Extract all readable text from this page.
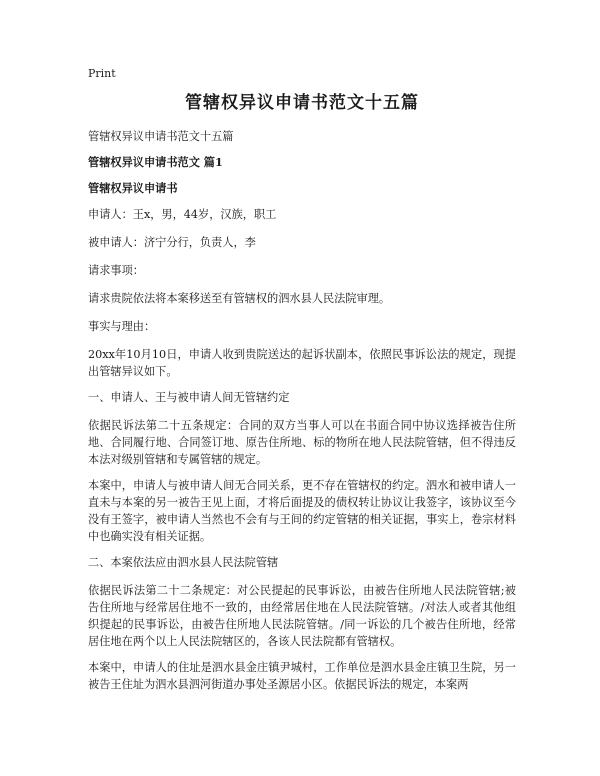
Print
管辖权异议申请书范文十五篇
管辖权异议申请书范文十五篇
管辖权异议申请书范文 篇1
管辖权异议申请书
申请人：王x，男，44岁，汉族，职工
被申请人：济宁分行，负责人，李
请求事项：
请求贵院依法将本案移送至有管辖权的泗水县人民法院审理。
事实与理由：
20xx年10月10日，申请人收到贵院送达的起诉状副本，依照民事诉讼法的规定，现提出管辖异议如下。
一、申请人、王与被申请人间无管辖约定
依据民诉法第二十五条规定：合同的双方当事人可以在书面合同中协议选择被告住所地、合同履行地、合同签订地、原告住所地、标的物所在地人民法院管辖，但不得违反本法对级别管辖和专属管辖的规定。
本案中，申请人与被申请人间无合同关系，更不存在管辖权的约定。泗水和被申请人一直未与本案的另一被告王见上面，才将后面提及的债权转让协议让我签字，该协议至今没有王签字，被申请人当然也不会有与王间的约定管辖的相关证据，事实上，卷宗材料中也确实没有相关证据。
二、本案依法应由泗水县人民法院管辖
依据民诉法第二十二条规定：对公民提起的民事诉讼，由被告住所地人民法院管辖;被告住所地与经常居住地不一致的，由经常居住地在人民法院管辖。/对法人或者其他组织提起的民事诉讼，由被告住所地人民法院管辖。/同一诉讼的几个被告住所地，经常居住地在两个以上人民法院辖区的，各该人民法院都有管辖权。
本案中，申请人的住址是泗水县金庄镇尹城村，工作单位是泗水县金庄镇卫生院，另一被告王住址为泗水县泗河街道办事处圣源居小区。依据民诉法的规定，本案两
